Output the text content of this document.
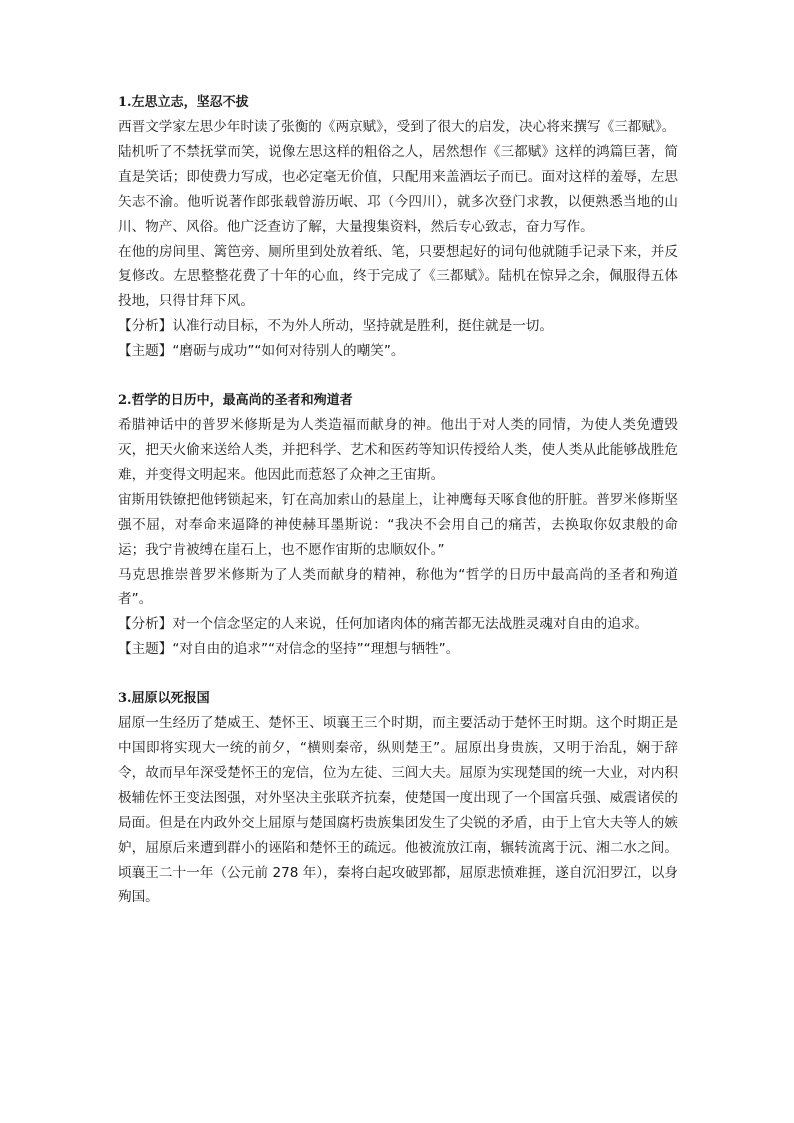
1.左思立志，坚忍不拔

西晋文学家左思少年时读了张衡的《两京赋》，受到了很大的启发，决心将来撰写《三都赋》。

陆机听了不禁抚掌而笑，说像左思这样的粗俗之人，居然想作《三都赋》这样的鸿篇巨著，简直是笑话；即使费力写成，也必定毫无价值，只配用来盖酒坛子而已。面对这样的羞辱，左思矢志不渝。他听说著作郎张载曾游历岷、邛（今四川），就多次登门求教，以便熟悉当地的山川、物产、风俗。他广泛查访了解，大量搜集资料，然后专心致志，奋力写作。

在他的房间里、篱笆旁、厕所里到处放着纸、笔，只要想起好的词句他就随手记录下来，并反复修改。左思整整花费了十年的心血，终于完成了《三都赋》。陆机在惊异之余，佩服得五体投地，只得甘拜下风。

【分析】认准行动目标，不为外人所动，坚持就是胜利，挺住就是一切。

【主题】“磨砺与成功”“如何对待别人的嘲笑”。

2.哲学的日历中，最高尚的圣者和殉道者

希腊神话中的普罗米修斯是为人类造福而献身的神。他出于对人类的同情，为使人类免遭毁灭，把天火偷来送给人类，并把科学、艺术和医药等知识传授给人类，使人类从此能够战胜危难，并变得文明起来。他因此而惹怒了众神之王宙斯。

宙斯用铁镣把他铐锁起来，钉在高加索山的悬崖上，让神鹰每天啄食他的肝脏。普罗米修斯坚强不屈，对奉命来逼降的神使赫耳墨斯说：“我决不会用自己的痛苦，去换取你奴隶般的命运；我宁肯被缚在崖石上，也不愿作宙斯的忠顺奴仆。”

马克思推崇普罗米修斯为了人类而献身的精神，称他为“哲学的日历中最高尚的圣者和殉道者”。

【分析】对一个信念坚定的人来说，任何加诸肉体的痛苦都无法战胜灵魂对自由的追求。

【主题】“对自由的追求”“对信念的坚持”“理想与牺牲”。

3.屈原以死报国

屈原一生经历了楚威王、楚怀王、顷襄王三个时期，而主要活动于楚怀王时期。这个时期正是中国即将实现大一统的前夕，“横则秦帝，纵则楚王”。屈原出身贵族，又明于治乱，娴于辞令，故而早年深受楚怀王的宠信，位为左徒、三闾大夫。屈原为实现楚国的统一大业，对内积极辅佐怀王变法图强，对外坚决主张联齐抗秦，使楚国一度出现了一个国富兵强、威震诸侯的局面。但是在内政外交上屈原与楚国腐朽贵族集团发生了尖锐的矛盾，由于上官大夫等人的嫉妒，屈原后来遭到群小的诬陷和楚怀王的疏远。他被流放江南，辗转流离于沅、湘二水之间。顷襄王二十一年（公元前 278 年），秦将白起攻破郢都，屈原悲愤难捱，遂自沉汨罗江，以身殉国。
